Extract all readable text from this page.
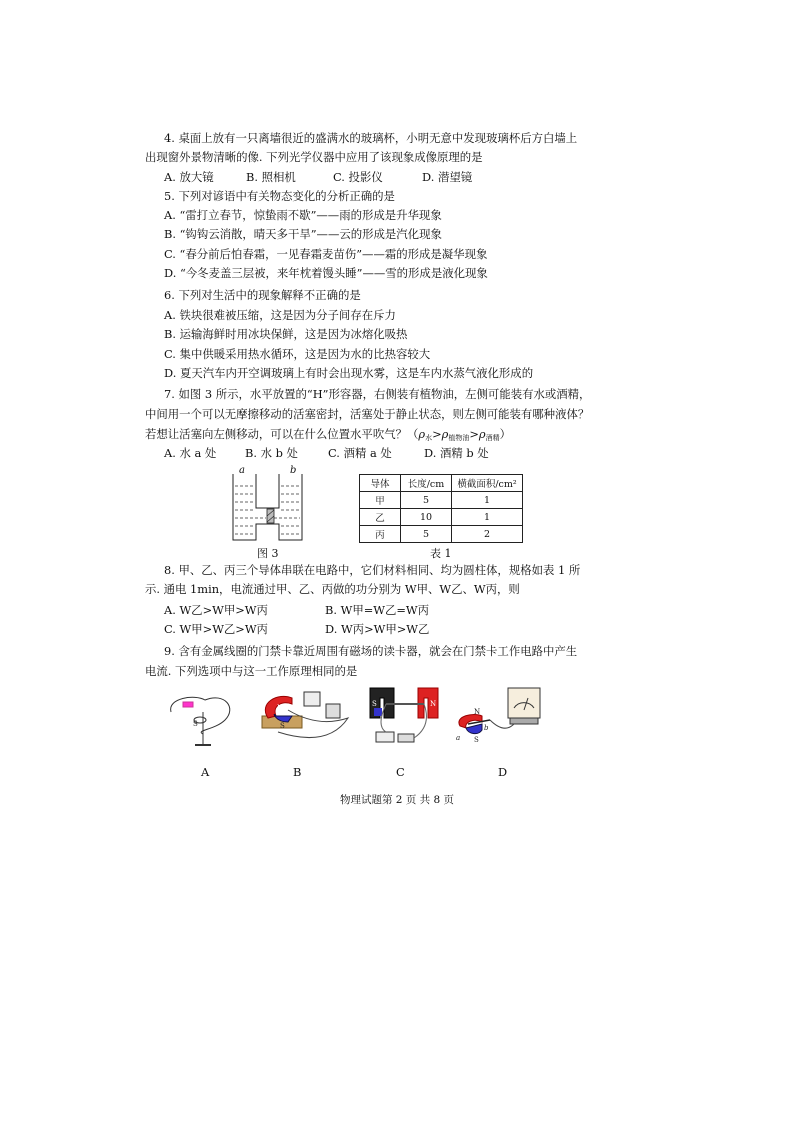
4. 桌面上放有一只离墙很近的盛满水的玻璃杯，小明无意中发现玻璃杯后方白墙上
出现窗外景物清晰的像. 下列光学仪器中应用了该现象成像原理的是
A. 放大镜	B. 照相机	C. 投影仪	D. 潜望镜
5. 下列对谚语中有关物态变化的分析正确的是
A. “雷打立春节，惊蛰雨不歇”——雨的形成是升华现象
B. “钩钩云消散，晴天多干旱”——云的形成是汽化现象
C. “春分前后怕春霜，一见春霜麦苗伤”——霜的形成是凝华现象
D. “今冬麦盖三层被，来年枕着馒头睡”——雪的形成是液化现象
6. 下列对生活中的现象解释不正确的是
A. 铁块很难被压缩，这是因为分子间存在斥力
B. 运输海鲜时用冰块保鲜，这是因为冰熔化吸热
C. 集中供暖采用热水循环，这是因为水的比热容较大
D. 夏天汽车内开空调玻璃上有时会出现水雾，这是车内水蒸气液化形成的
7. 如图 3 所示，水平放置的“H”形容器，右侧装有植物油，左侧可能装有水或酒精，
中间用一个可以无摩擦移动的活塞密封，活塞处于静止状态，则左侧可能装有哪种液体？
若想让活塞向左侧移动，可以在什么位置水平吹气？（ρ水>ρ植物油>ρ酒精）
A. 水 a 处	B. 水 b 处	C. 酒精 a 处	D. 酒精 b 处
a	b
图 3
导体	长度/cm	横截面积/cm²
甲	5	1
乙	10	1
丙	5	2
表 1
8. 甲、乙、丙三个导体串联在电路中，它们材料相同、均为圆柱体，规格如表 1 所
示. 通电 1min，电流通过甲、乙、丙做的功分别为 W甲、W乙、W丙，则
A. W乙>W甲>W丙	B. W甲=W乙=W丙
C. W甲>W乙>W丙	D. W丙>W甲>W乙
9. 含有金属线圈的门禁卡靠近周围有磁场的读卡器，就会在门禁卡工作电路中产生
电流. 下列选项中与这一工作原理相同的是
S
N
S
S	N
N
S
a
b
A	B	C	D
物理试题第 2 页 共 8 页
